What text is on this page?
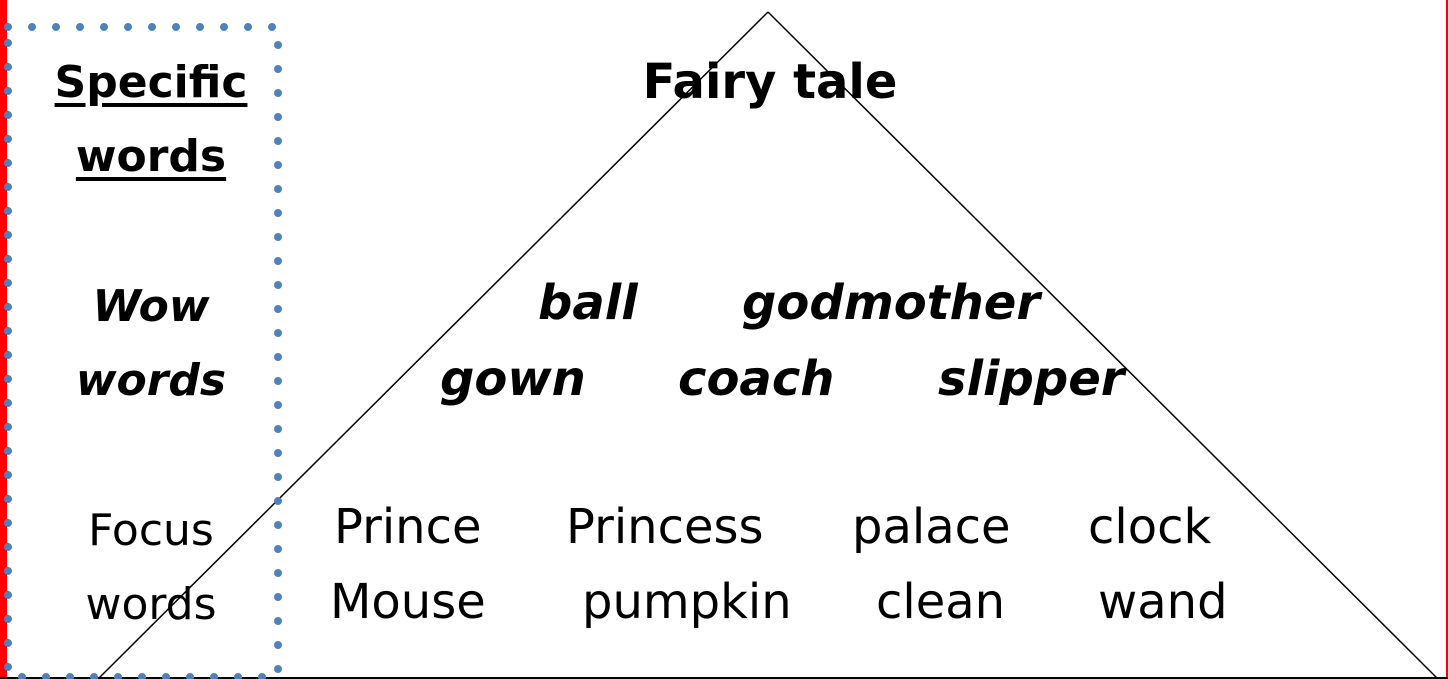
Specific
words
Wow
words
Focus
words
Fairy tale
ball godmother
gown coach slipper
Prince Princess palace clock
Mouse pumpkin clean wand
